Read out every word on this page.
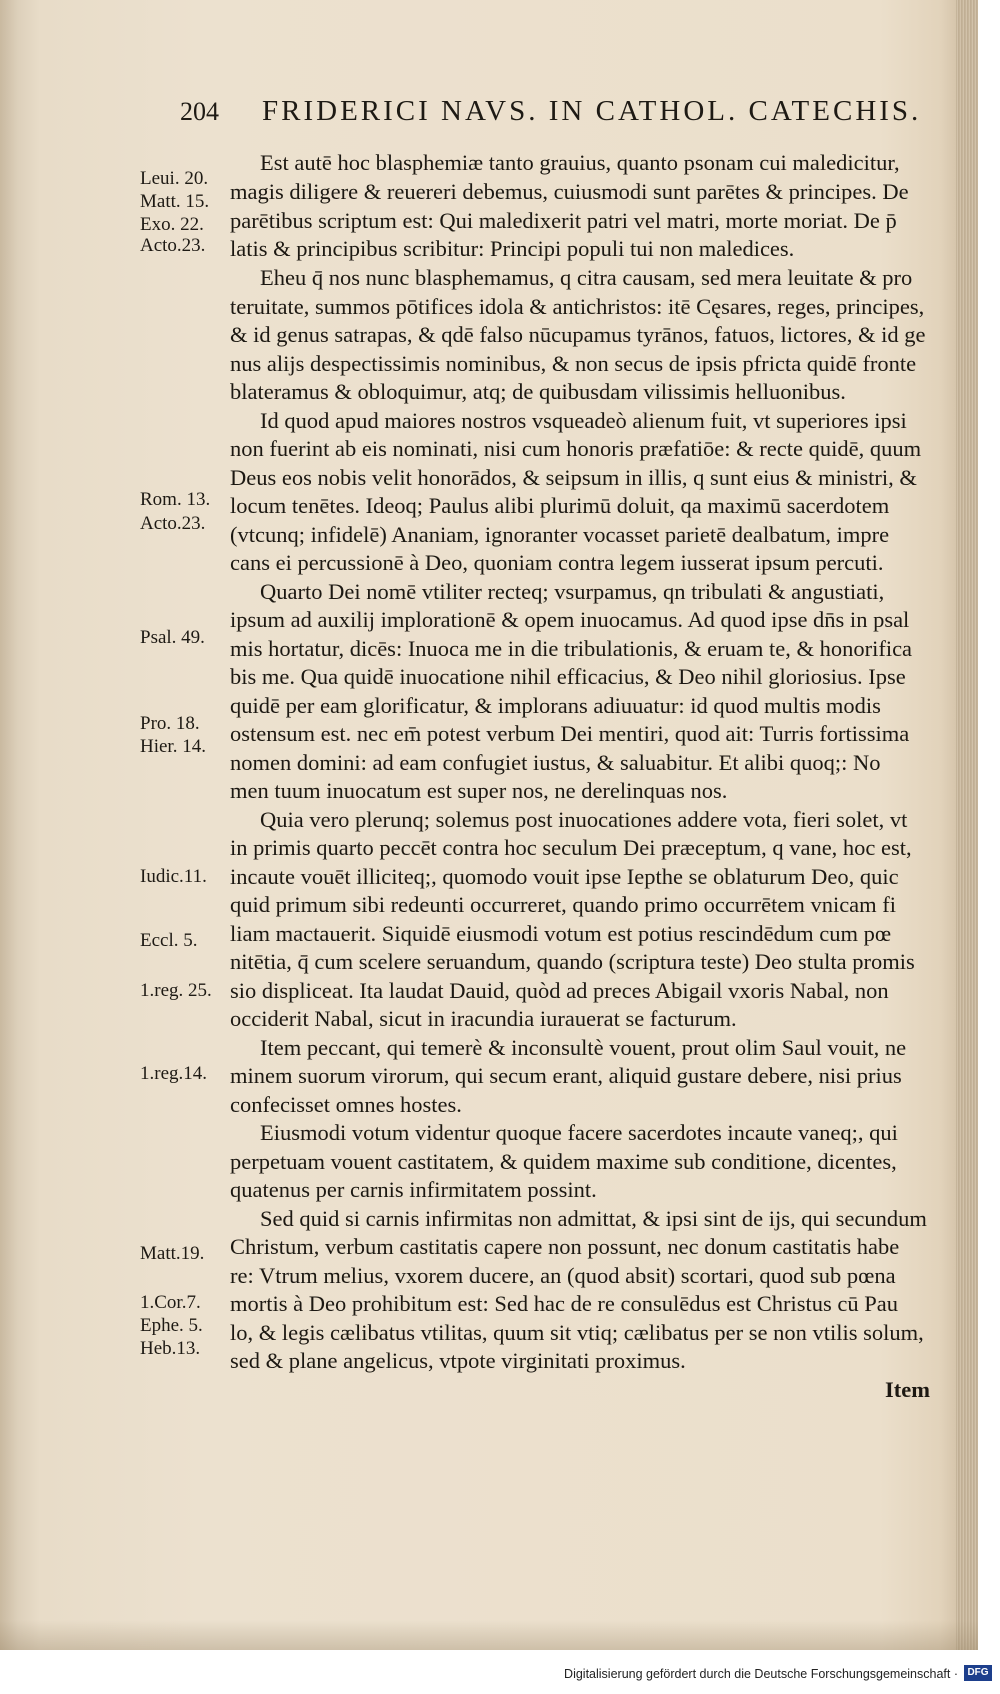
204 FRIDERICI NAVS. IN CATHOL. CATECHIS.
Leui. 20.
Matt. 15.
Exo. 22.
Acto.23.
Rom. 13.
Acto.23.
Psal. 49.
Pro. 18.
Hier. 14.
Iudic.11.
Eccl. 5.
1.reg. 25.
1.reg.14.
Matt.19.
1.Cor.7.
Ephe. 5.
Heb.13.
Est autē hoc blasphemiæ tanto grauius, quanto psonam cui maledicitur,
magis diligere & reuereri debemus, cuiusmodi sunt parētes & principes. De
parētibus scriptum est: Qui maledixerit patri vel matri, morte moriat. De p̄
latis & principibus scribitur: Principi populi tui non maledices.
Eheu q̄ nos nunc blasphemamus, q citra causam, sed mera leuitate & pro
teruitate, summos pōtifices idola & antichristos: itē Cęsares, reges, principes,
& id genus satrapas, & qdē falso nūcupamus tyrānos, fatuos, lictores, & id ge
nus alijs despectissimis nominibus, & non secus de ipsis pfricta quidē fronte
blateramus & obloquimur, atq; de quibusdam vilissimis helluonibus.
Id quod apud maiores nostros vsqueadeò alienum fuit, vt superiores ipsi
non fuerint ab eis nominati, nisi cum honoris præfatiōe: & recte quidē, quum
Deus eos nobis velit honorādos, & seipsum in illis, q sunt eius & ministri, &
locum tenētes. Ideoq; Paulus alibi plurimū doluit, qa maximū sacerdotem
(vtcunq; infidelē) Ananiam, ignoranter vocasset parietē dealbatum, impre
cans ei percussionē à Deo, quoniam contra legem iusserat ipsum percuti.
Quarto Dei nomē vtiliter recteq; vsurpamus, qn tribulati & angustiati,
ipsum ad auxilij implorationē & opem inuocamus. Ad quod ipse dn̄s in psal
mis hortatur, dicēs: Inuoca me in die tribulationis, & eruam te, & honorifica
bis me. Qua quidē inuocatione nihil efficacius, & Deo nihil gloriosius. Ipse
quidē per eam glorificatur, & implorans adiuuatur: id quod multis modis
ostensum est. nec em̄ potest verbum Dei mentiri, quod ait: Turris fortissima
nomen domini: ad eam confugiet iustus, & saluabitur. Et alibi quoq;: No
men tuum inuocatum est super nos, ne derelinquas nos.
Quia vero plerunq; solemus post inuocationes addere vota, fieri solet, vt
in primis quarto peccēt contra hoc seculum Dei præceptum, q vane, hoc est,
incaute vouēt illiciteq;, quomodo vouit ipse Iepthe se oblaturum Deo, quic
quid primum sibi redeunti occurreret, quando primo occurrētem vnicam fi
liam mactauerit. Siquidē eiusmodi votum est potius rescindēdum cum pœ
nitētia, q̄ cum scelere seruandum, quando (scriptura teste) Deo stulta promis
sio displiceat. Ita laudat Dauid, quòd ad preces Abigail vxoris Nabal, non
occiderit Nabal, sicut in iracundia iurauerat se facturum.
Item peccant, qui temerè & inconsultè vouent, prout olim Saul vouit, ne
minem suorum virorum, qui secum erant, aliquid gustare debere, nisi prius
confecisset omnes hostes.
Eiusmodi votum videntur quoque facere sacerdotes incaute vaneq;, qui
perpetuam vouent castitatem, & quidem maxime sub conditione, dicentes,
quatenus per carnis infirmitatem possint.
Sed quid si carnis infirmitas non admittat, & ipsi sint de ijs, qui secundum
Christum, verbum castitatis capere non possunt, nec donum castitatis habe
re: Vtrum melius, vxorem ducere, an (quod absit) scortari, quod sub pœna
mortis à Deo prohibitum est: Sed hac de re consulēdus est Christus cū Pau
lo, & legis cælibatus vtilitas, quum sit vtiq; cælibatus per se non vtilis solum,
sed & plane angelicus, vtpote virginitati proximus.
Item
Digitalisierung gefördert durch die Deutsche Forschungsgemeinschaft · DFG
